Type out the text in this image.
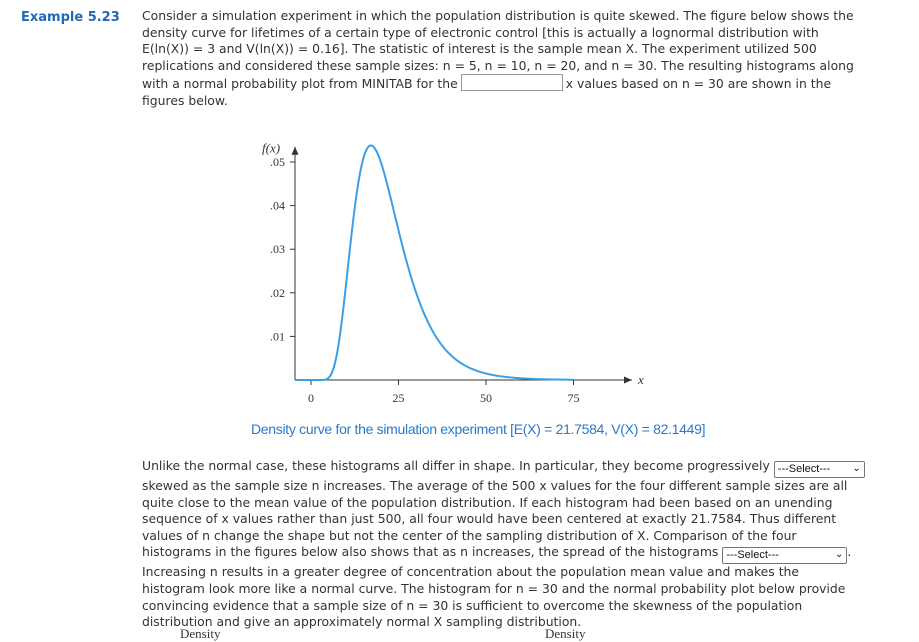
Example 5.23 Consider a simulation experiment in which the population distribution is quite skewed. The figure below shows the
density curve for lifetimes of a certain type of electronic control [this is actually a lognormal distribution with
E(ln(X)) = 3 and V(ln(X)) = 0.16]. The statistic of interest is the sample mean X. The experiment utilized 500
replications and considered these sample sizes: n = 5, n = 10, n = 20, and n = 30. The resulting histograms along
with a normal probability plot from MINITAB for the	x values based on n = 30 are shown in the
figures below.
.05
.04
.03
.02
.01
0	25	50	75
f(x)
x
Density curve for the simulation experiment [E(X) = 21.7584, V(X) = 82.1449]
Unlike the normal case, these histograms all differ in shape. In particular, they become progressively ---Select--- ⌄
skewed as the sample size n increases. The average of the 500 x values for the four different sample sizes are all
quite close to the mean value of the population distribution. If each histogram had been based on an unending
sequence of x values rather than just 500, all four would have been centered at exactly 21.7584. Thus different
values of n change the shape but not the center of the sampling distribution of X. Comparison of the four
histograms in the figures below also shows that as n increases, the spread of the histograms ---Select---	⌄ .
Increasing n results in a greater degree of concentration about the population mean value and makes the
histogram look more like a normal curve. The histogram for n = 30 and the normal probability plot below provide
convincing evidence that a sample size of n = 30 is sufficient to overcome the skewness of the population
distribution and give an approximately normal X sampling distribution.
Density	Density
